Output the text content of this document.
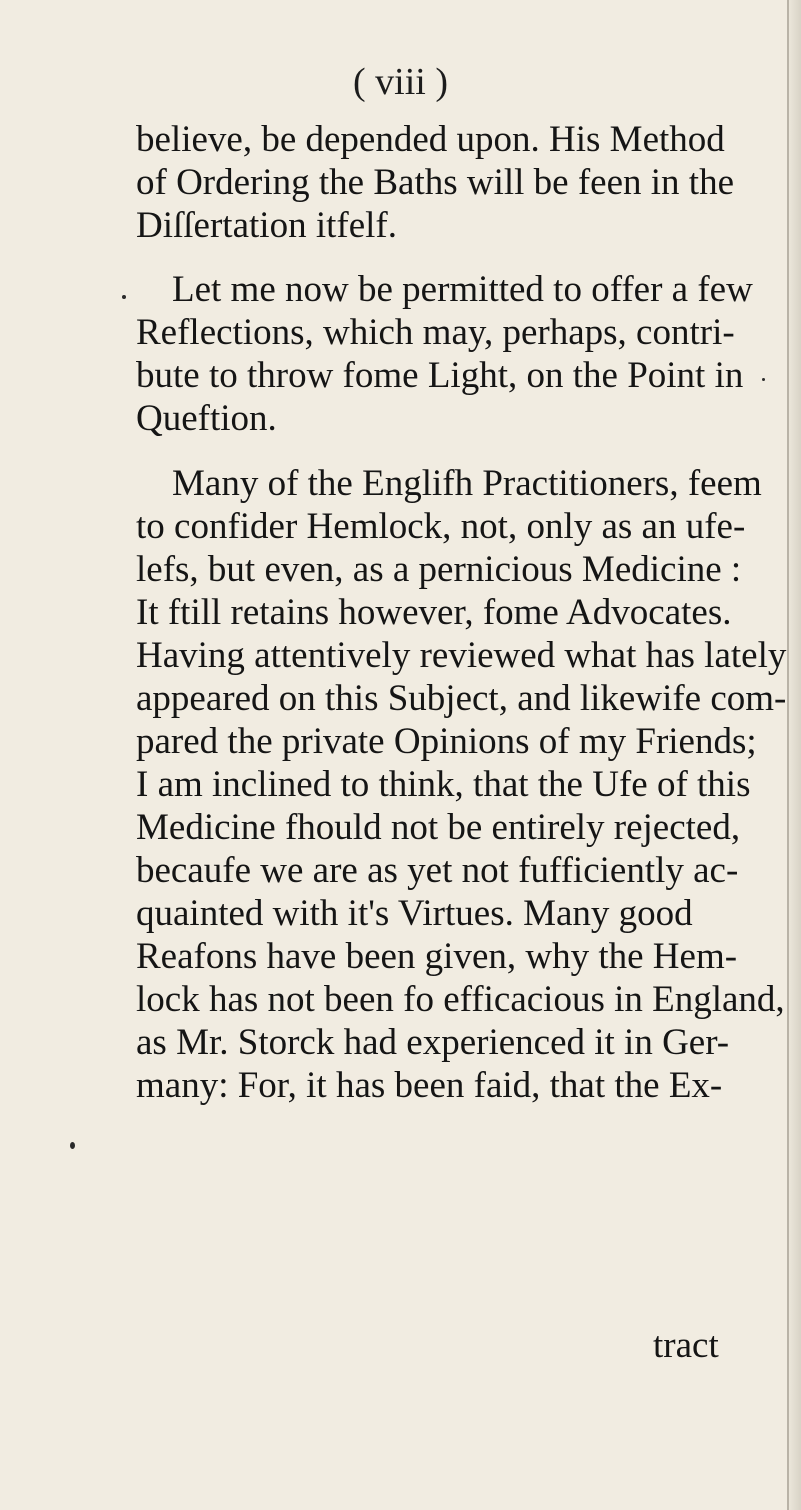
( viii )

believe, be depended upon. His Method
of Ordering the Baths will be feen in the
Diſſertation itfelf.

Let me now be permitted to offer a few
Reflections, which may, perhaps, contri-
bute to throw fome Light, on the Point in
Queftion.

Many of the Englifh Practitioners, feem
to confider Hemlock, not, only as an ufe-
lefs, but even, as a pernicious Medicine :
It ftill retains however, fome Advocates.
Having attentively reviewed what has lately
appeared on this Subject, and likewife com-
pared the private Opinions of my Friends;
I am inclined to think, that the Ufe of this
Medicine fhould not be entirely rejected,
becaufe we are as yet not fufficiently ac-
quainted with it's Virtues. Many good
Reafons have been given, why the Hem-
lock has not been fo efficacious in England,
as Mr. Storck had experienced it in Ger-
many: For, it has been faid, that the Ex-

tract
